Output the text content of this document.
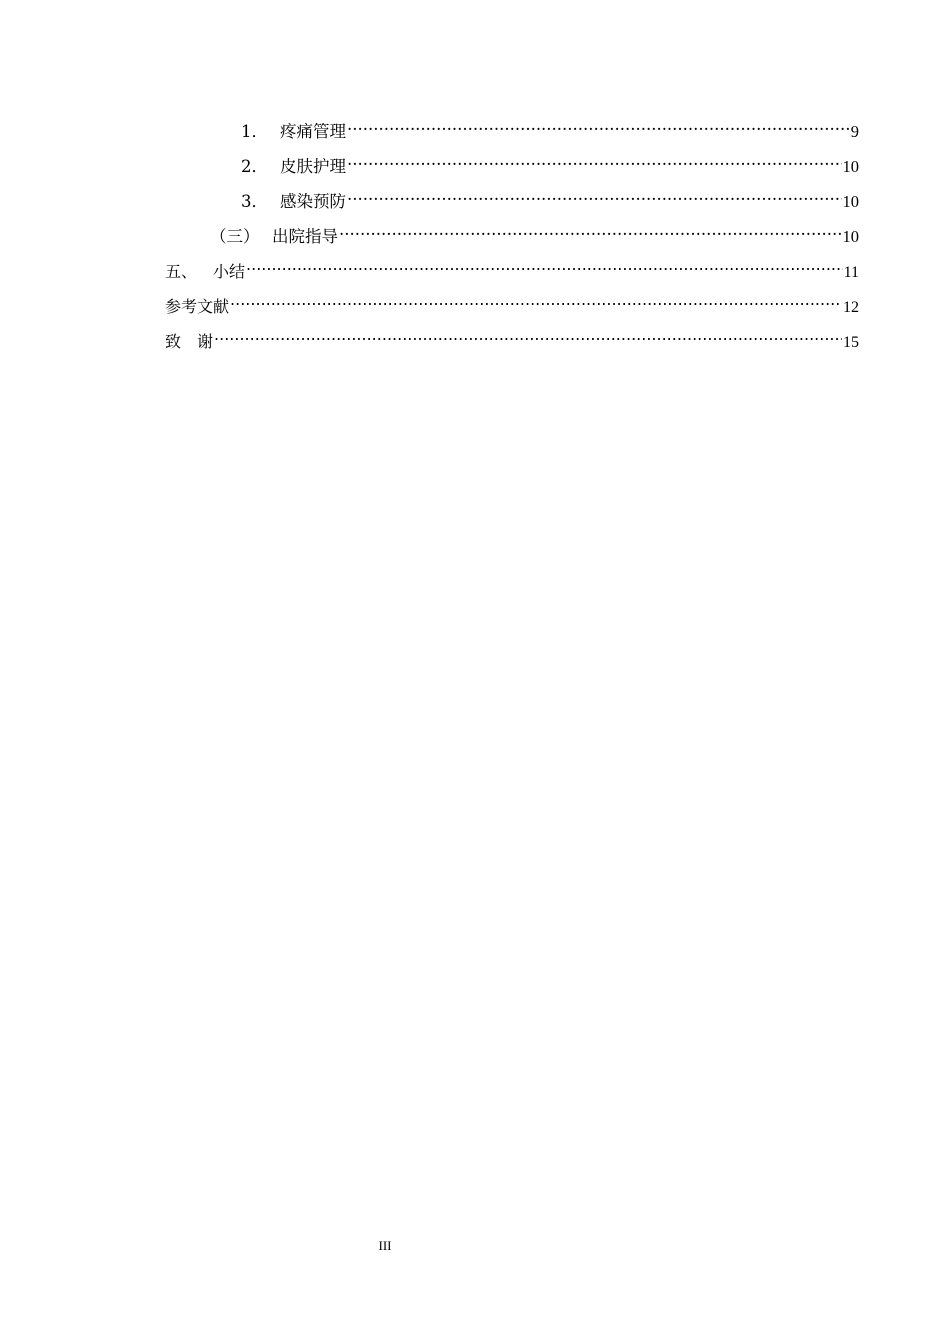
1． 疼痛管理 .....	9
2． 皮肤护理 .....	10
3． 感染预防 .....	10
（三） 出院指导 .....	10
五、 小结 .....	11
参考文献 .....	12
致　谢 .....	15
III
